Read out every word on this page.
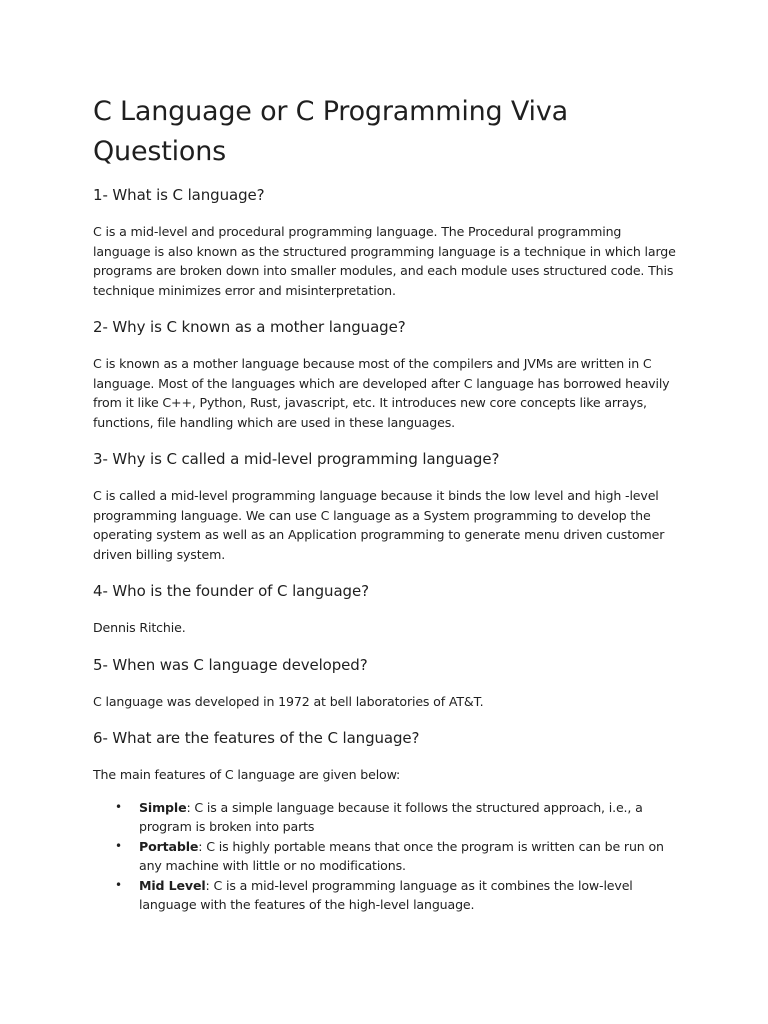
C Language or C Programming Viva Questions
1- What is C language?

C is a mid-level and procedural programming language. The Procedural programming language is also known as the structured programming language is a technique in which large programs are broken down into smaller modules, and each module uses structured code. This technique minimizes error and misinterpretation.

2- Why is C known as a mother language?

C is known as a mother language because most of the compilers and JVMs are written in C language. Most of the languages which are developed after C language has borrowed heavily from it like C++, Python, Rust, javascript, etc. It introduces new core concepts like arrays, functions, file handling which are used in these languages.

3- Why is C called a mid-level programming language?

C is called a mid-level programming language because it binds the low level and high -level programming language. We can use C language as a System programming to develop the operating system as well as an Application programming to generate menu driven customer driven billing system.

4- Who is the founder of C language?

Dennis Ritchie.

5- When was C language developed?

C language was developed in 1972 at bell laboratories of AT&T.

6- What are the features of the C language?

The main features of C language are given below:

• Simple: C is a simple language because it follows the structured approach, i.e., a program is broken into parts
• Portable: C is highly portable means that once the program is written can be run on any machine with little or no modifications.
• Mid Level: C is a mid-level programming language as it combines the low-level language with the features of the high-level language.
